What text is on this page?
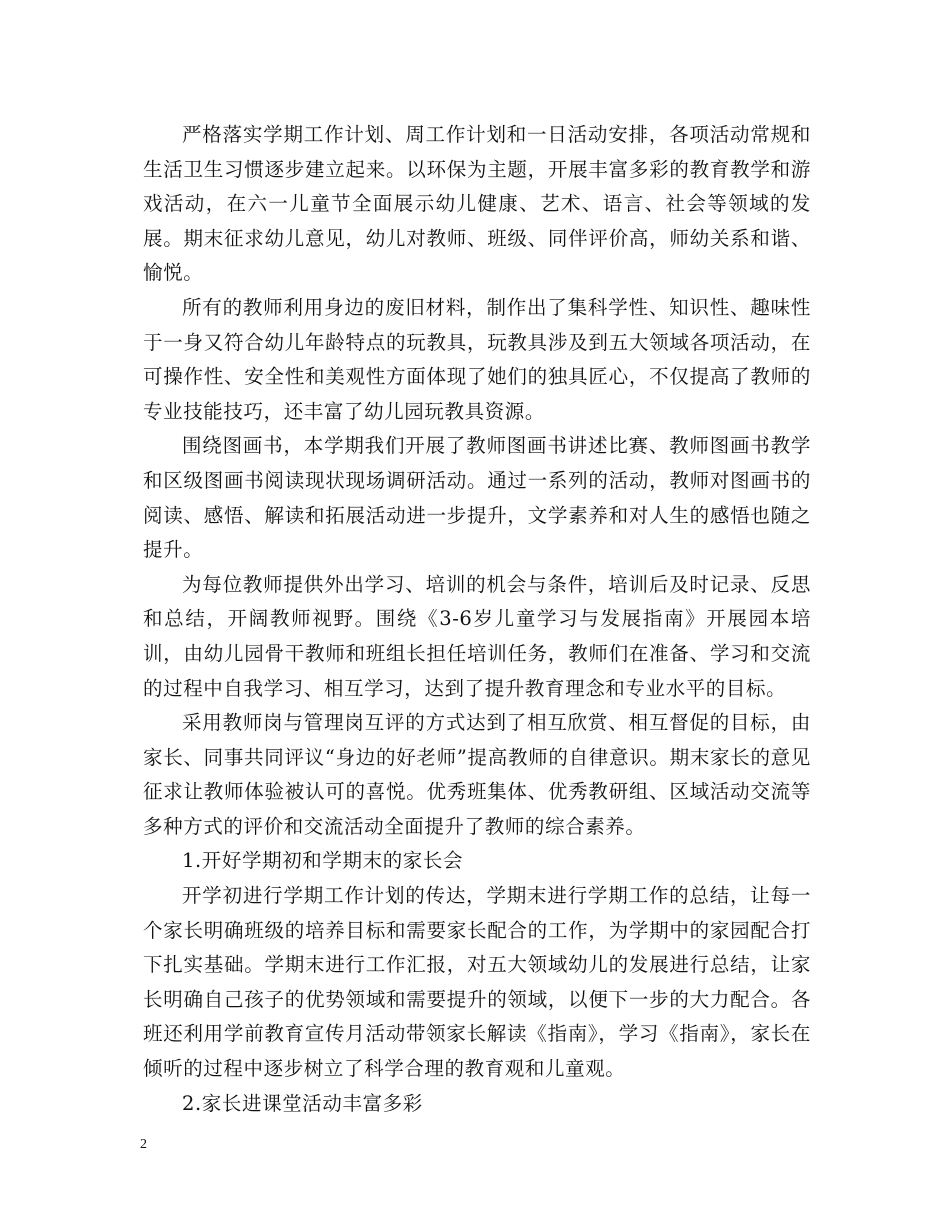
严格落实学期工作计划、周工作计划和一日活动安排，各项活动常规和生活卫生习惯逐步建立起来。以环保为主题，开展丰富多彩的教育教学和游戏活动，在六一儿童节全面展示幼儿健康、艺术、语言、社会等领域的发展。期末征求幼儿意见，幼儿对教师、班级、同伴评价高，师幼关系和谐、愉悦。

所有的教师利用身边的废旧材料，制作出了集科学性、知识性、趣味性于一身又符合幼儿年龄特点的玩教具，玩教具涉及到五大领域各项活动，在可操作性、安全性和美观性方面体现了她们的独具匠心，不仅提高了教师的专业技能技巧，还丰富了幼儿园玩教具资源。

围绕图画书，本学期我们开展了教师图画书讲述比赛、教师图画书教学和区级图画书阅读现状现场调研活动。通过一系列的活动，教师对图画书的阅读、感悟、解读和拓展活动进一步提升，文学素养和对人生的感悟也随之提升。

为每位教师提供外出学习、培训的机会与条件，培训后及时记录、反思和总结，开阔教师视野。围绕《3-6岁儿童学习与发展指南》开展园本培训，由幼儿园骨干教师和班组长担任培训任务，教师们在准备、学习和交流的过程中自我学习、相互学习，达到了提升教育理念和专业水平的目标。

采用教师岗与管理岗互评的方式达到了相互欣赏、相互督促的目标，由家长、同事共同评议“身边的好老师”提高教师的自律意识。期末家长的意见征求让教师体验被认可的喜悦。优秀班集体、优秀教研组、区域活动交流等多种方式的评价和交流活动全面提升了教师的综合素养。

1.开好学期初和学期末的家长会

开学初进行学期工作计划的传达，学期末进行学期工作的总结，让每一个家长明确班级的培养目标和需要家长配合的工作，为学期中的家园配合打下扎实基础。学期末进行工作汇报，对五大领域幼儿的发展进行总结，让家长明确自己孩子的优势领域和需要提升的领域，以便下一步的大力配合。各班还利用学前教育宣传月活动带领家长解读《指南》，学习《指南》，家长在倾听的过程中逐步树立了科学合理的教育观和儿童观。

2.家长进课堂活动丰富多彩

2
